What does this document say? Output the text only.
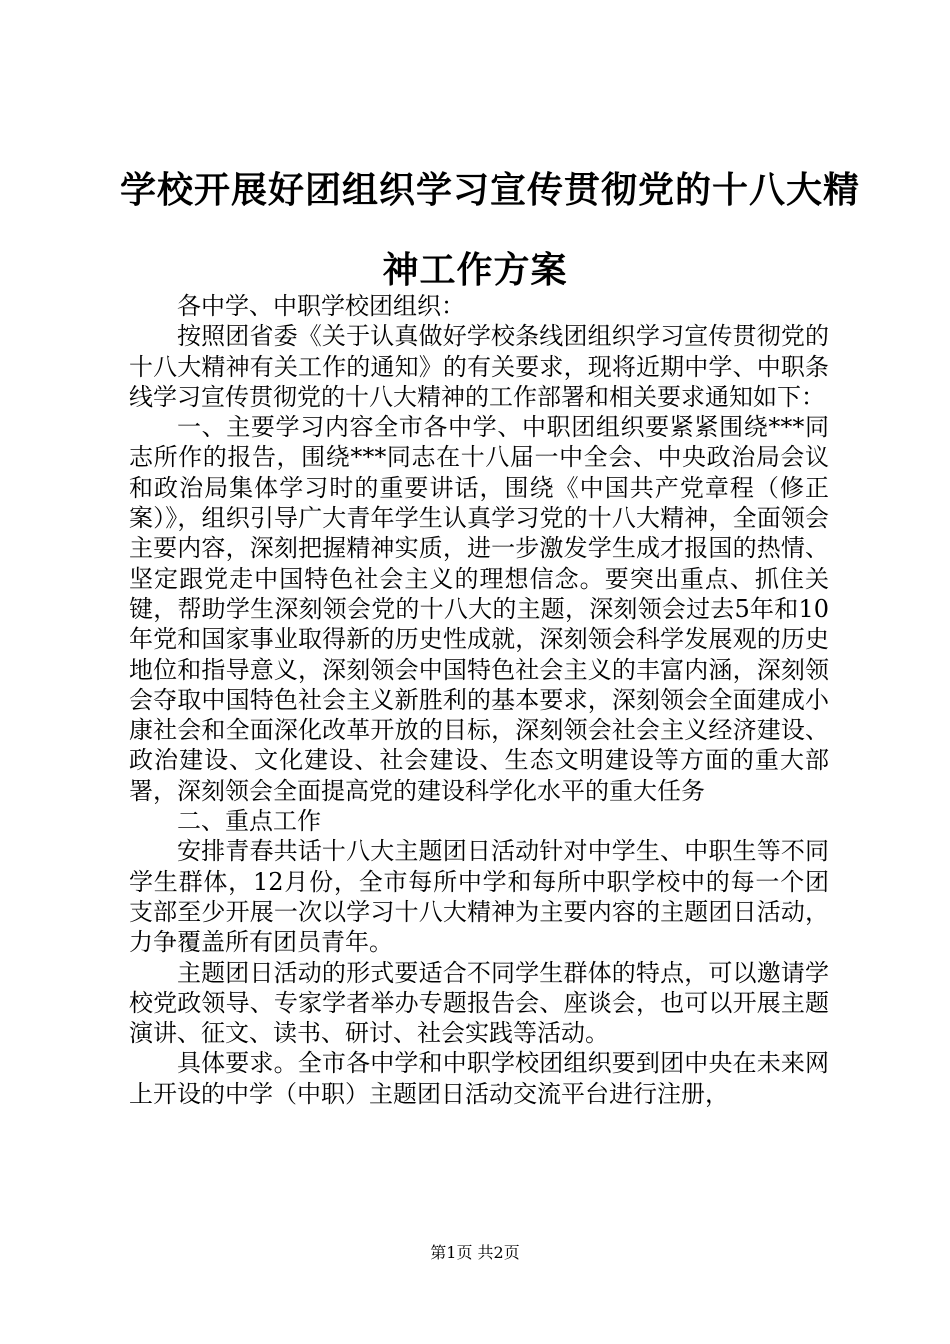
学校开展好团组织学习宣传贯彻党的十八大精
神工作方案

各中学、中职学校团组织：

按照团省委《关于认真做好学校条线团组织学习宣传贯彻党的十八大精神有关工作的通知》的有关要求，现将近期中学、中职条线学习宣传贯彻党的十八大精神的工作部署和相关要求通知如下：

一、主要学习内容全市各中学、中职团组织要紧紧围绕***同志所作的报告，围绕***同志在十八届一中全会、中央政治局会议和政治局集体学习时的重要讲话，围绕《中国共产党章程（修正案）》，组织引导广大青年学生认真学习党的十八大精神，全面领会主要内容，深刻把握精神实质，进一步激发学生成才报国的热情、坚定跟党走中国特色社会主义的理想信念。要突出重点、抓住关键，帮助学生深刻领会党的十八大的主题，深刻领会过去5年和10年党和国家事业取得新的历史性成就，深刻领会科学发展观的历史地位和指导意义，深刻领会中国特色社会主义的丰富内涵，深刻领会夺取中国特色社会主义新胜利的基本要求，深刻领会全面建成小康社会和全面深化改革开放的目标，深刻领会社会主义经济建设、政治建设、文化建设、社会建设、生态文明建设等方面的重大部署，深刻领会全面提高党的建设科学化水平的重大任务

二、重点工作

安排青春共话十八大主题团日活动针对中学生、中职生等不同学生群体，12月份，全市每所中学和每所中职学校中的每一个团支部至少开展一次以学习十八大精神为主要内容的主题团日活动，力争覆盖所有团员青年。

主题团日活动的形式要适合不同学生群体的特点，可以邀请学校党政领导、专家学者举办专题报告会、座谈会，也可以开展主题演讲、征文、读书、研讨、社会实践等活动。

具体要求。全市各中学和中职学校团组织要到团中央在未来网上开设的中学（中职）主题团日活动交流平台进行注册，

第1页 共2页
